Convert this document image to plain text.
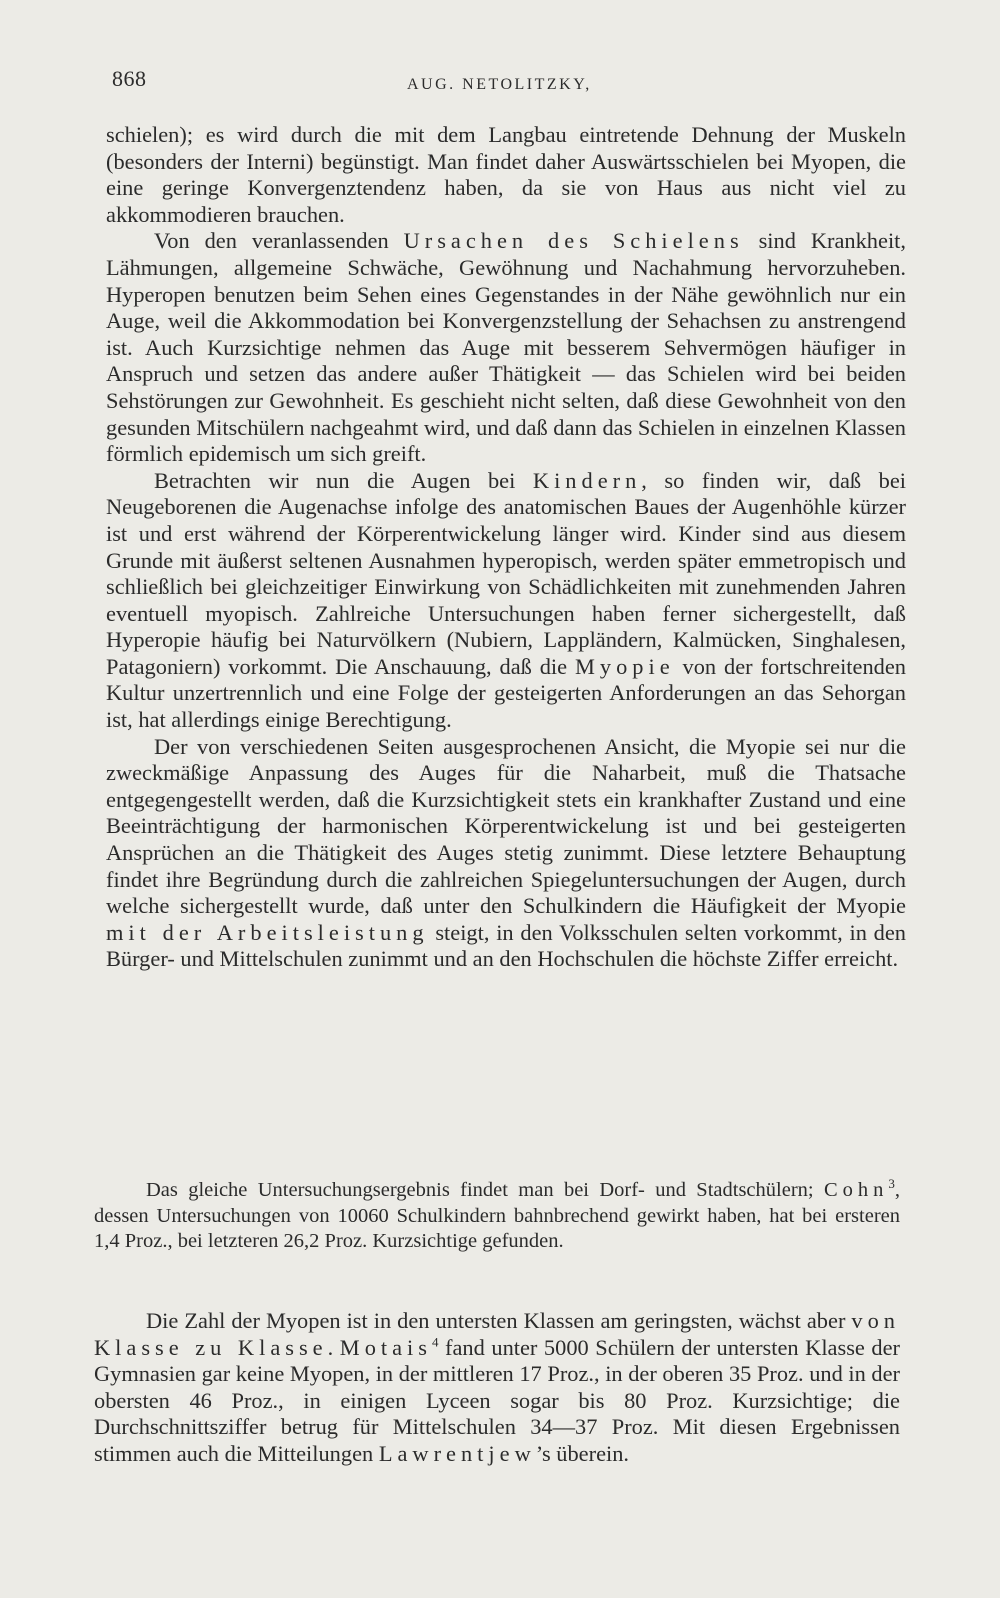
868	AUG. NETOLITZKY,

schielen); es wird durch die mit dem Langbau eintretende Dehnung der Muskeln (besonders der Interni) begünstigt. Man findet daher Auswärtsschielen bei Myopen, die eine geringe Konvergenztendenz haben, da sie von Haus aus nicht viel zu akkommodieren brauchen.

Von den veranlassenden Ursachen des Schielens sind Krankheit, Lähmungen, allgemeine Schwäche, Gewöhnung und Nachahmung hervorzuheben. Hyperopen benutzen beim Sehen eines Gegenstandes in der Nähe gewöhnlich nur ein Auge, weil die Akkommodation bei Konvergenzstellung der Sehachsen zu anstrengend ist. Auch Kurzsichtige nehmen das Auge mit besserem Sehvermögen häufiger in Anspruch und setzen das andere außer Thätigkeit — das Schielen wird bei beiden Sehstörungen zur Gewohnheit. Es geschieht nicht selten, daß diese Gewohnheit von den gesunden Mitschülern nachgeahmt wird, und daß dann das Schielen in einzelnen Klassen förmlich epidemisch um sich greift.

Betrachten wir nun die Augen bei Kindern, so finden wir, daß bei Neugeborenen die Augenachse infolge des anatomischen Baues der Augenhöhle kürzer ist und erst während der Körperentwickelung länger wird. Kinder sind aus diesem Grunde mit äußerst seltenen Ausnahmen hyperopisch, werden später emmetropisch und schließlich bei gleichzeitiger Einwirkung von Schädlichkeiten mit zunehmenden Jahren eventuell myopisch. Zahlreiche Untersuchungen haben ferner sichergestellt, daß Hyperopie häufig bei Naturvölkern (Nubiern, Lappländern, Kalmücken, Singhalesen, Patagoniern) vorkommt. Die Anschauung, daß die Myopie von der fortschreitenden Kultur unzertrennlich und eine Folge der gesteigerten Anforderungen an das Sehorgan ist, hat allerdings einige Berechtigung.

Der von verschiedenen Seiten ausgesprochenen Ansicht, die Myopie sei nur die zweckmäßige Anpassung des Auges für die Naharbeit, muß die Thatsache entgegengestellt werden, daß die Kurzsichtigkeit stets ein krankhafter Zustand und eine Beeinträchtigung der harmonischen Körperentwickelung ist und bei gesteigerten Ansprüchen an die Thätigkeit des Auges stetig zunimmt. Diese letztere Behauptung findet ihre Begründung durch die zahlreichen Spiegeluntersuchungen der Augen, durch welche sichergestellt wurde, daß unter den Schulkindern die Häufigkeit der Myopie mit der Arbeitsleistung steigt, in den Volksschulen selten vorkommt, in den Bürger- und Mittelschulen zunimmt und an den Hochschulen die höchste Ziffer erreicht.

Das gleiche Untersuchungsergebnis findet man bei Dorf- und Stadtschülern; Cohn$^3$, dessen Untersuchungen von 10060 Schulkindern bahnbrechend gewirkt haben, hat bei ersteren 1,4 Proz., bei letzteren 26,2 Proz. Kurzsichtige gefunden.

Die Zahl der Myopen ist in den untersten Klassen am geringsten, wächst aber von Klasse zu Klasse. Motais$^4$ fand unter 5000 Schülern der untersten Klasse der Gymnasien gar keine Myopen, in der mittleren 17 Proz., in der oberen 35 Proz. und in der obersten 46 Proz., in einigen Lyceen sogar bis 80 Proz. Kurzsichtige; die Durchschnittsziffer betrug für Mittelschulen 34—37 Proz. Mit diesen Ergebnissen stimmen auch die Mitteilungen Lawrentjew’s überein.
